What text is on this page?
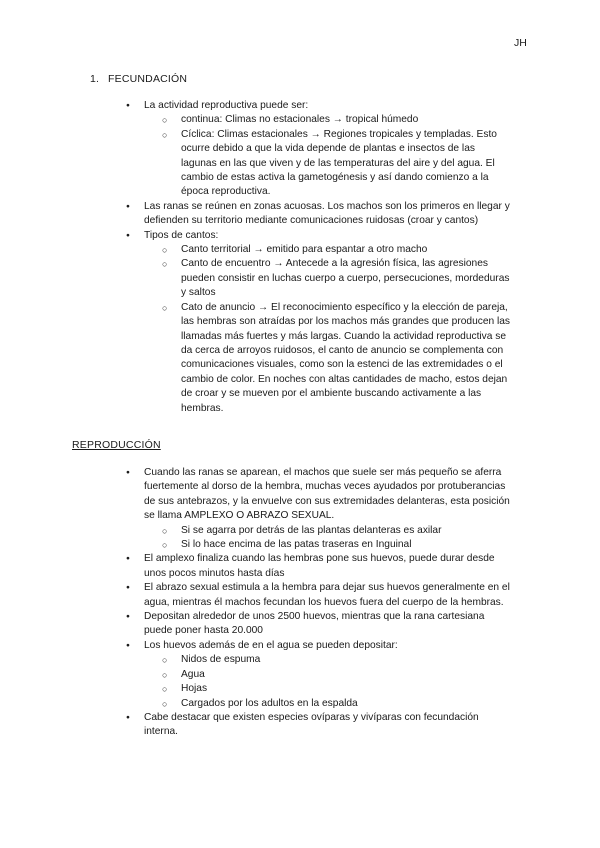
JH
1. FECUNDACIÓN
● La actividad reproductiva puede ser:
○ continua: Climas no estacionales → tropical húmedo
○ Cíclica: Climas estacionales → Regiones tropicales y templadas. Esto ocurre debido a que la vida depende de plantas e insectos de las lagunas en las que viven y de las temperaturas del aire y del agua. El cambio de estas activa la gametogénesis y así dando comienzo a la época reproductiva.
● Las ranas se reúnen en zonas acuosas. Los machos son los primeros en llegar y defienden su territorio mediante comunicaciones ruidosas (croar y cantos)
● Tipos de cantos:
○ Canto territorial → emitido para espantar a otro macho
○ Canto de encuentro → Antecede a la agresión física, las agresiones pueden consistir en luchas cuerpo a cuerpo, persecuciones, mordeduras y saltos
○ Cato de anuncio → El reconocimiento específico y la elección de pareja, las hembras son atraídas por los machos más grandes que producen las llamadas más fuertes y más largas. Cuando la actividad reproductiva se da cerca de arroyos ruidosos, el canto de anuncio se complementa con comunicaciones visuales, como son la estenci de las extremidades o el cambio de color. En noches con altas cantidades de macho, estos dejan de croar y se mueven por el ambiente buscando activamente a las hembras.
REPRODUCCIÓN
● Cuando las ranas se aparean, el machos que suele ser más pequeño se aferra fuertemente al dorso de la hembra, muchas veces ayudados por protuberancias de sus antebrazos, y la envuelve con sus extremidades delanteras, esta posición se llama AMPLEXO O ABRAZO SEXUAL.
○ Si se agarra por detrás de las plantas delanteras es axilar
○ Si lo hace encima de las patas traseras en Inguinal
● El amplexo finaliza cuando las hembras pone sus huevos, puede durar desde unos pocos minutos hasta días
● El abrazo sexual estimula a la hembra para dejar sus huevos generalmente en el agua, mientras él machos fecundan los huevos fuera del cuerpo de la hembras.
● Depositan alrededor de unos 2500 huevos, mientras que la rana cartesiana puede poner hasta 20.000
● Los huevos además de en el agua se pueden depositar:
○ Nidos de espuma
○ Agua
○ Hojas
○ Cargados por los adultos en la espalda
● Cabe destacar que existen especies ovíparas y vivíparas con fecundación interna.
